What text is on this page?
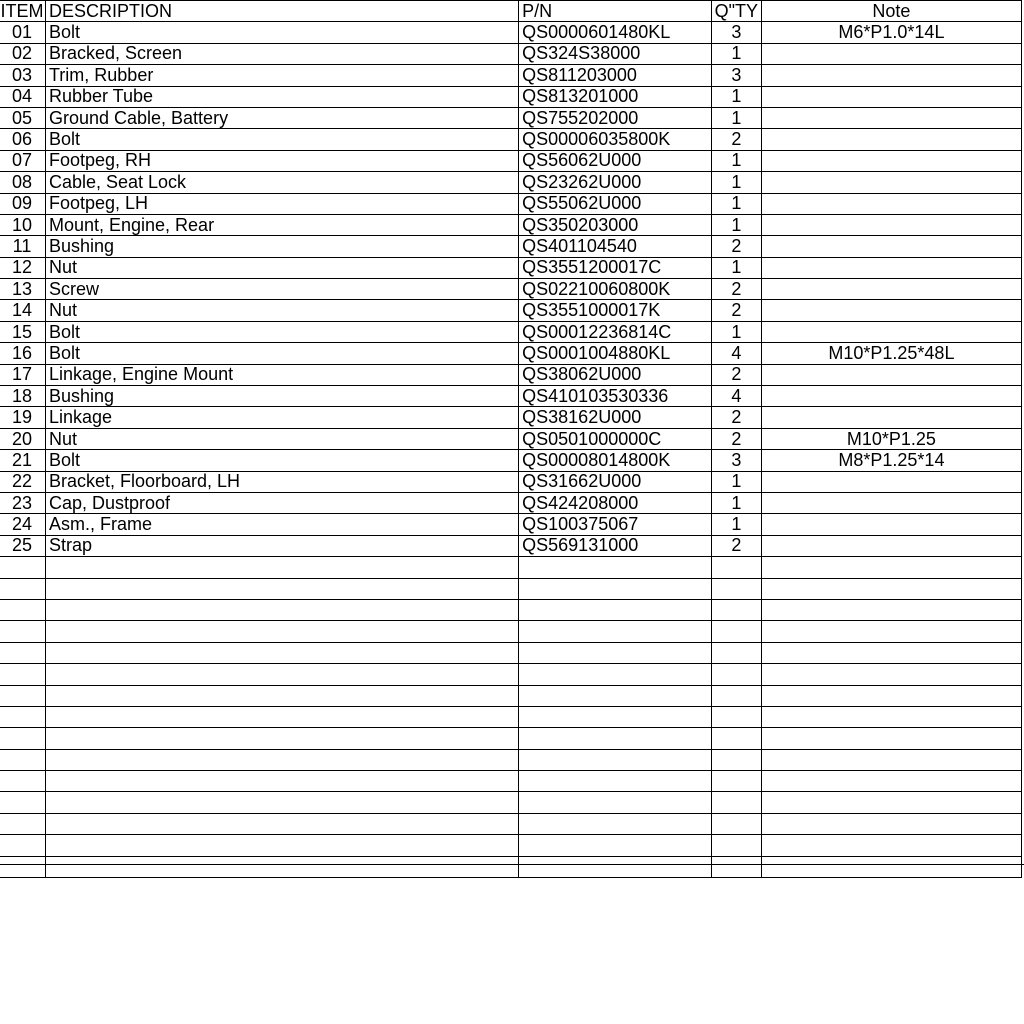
ITEM	DESCRIPTION	P/N	Q"TY	Note
01	Bolt	QS0000601480KL	3	M6*P1.0*14L
02	Bracked, Screen	QS324S38000	1	
03	Trim, Rubber	QS811203000	3	
04	Rubber Tube	QS813201000	1	
05	Ground Cable, Battery	QS755202000	1	
06	Bolt	QS00006035800K	2	
07	Footpeg, RH	QS56062U000	1	
08	Cable, Seat Lock	QS23262U000	1	
09	Footpeg, LH	QS55062U000	1	
10	Mount, Engine, Rear	QS350203000	1	
11	Bushing	QS401104540	2	
12	Nut	QS3551200017C	1	
13	Screw	QS02210060800K	2	
14	Nut	QS3551000017K	2	
15	Bolt	QS00012236814C	1	
16	Bolt	QS0001004880KL	4	M10*P1.25*48L
17	Linkage, Engine Mount	QS38062U000	2	
18	Bushing	QS410103530336	4	
19	Linkage	QS38162U000	2	
20	Nut	QS0501000000C	2	M10*P1.25
21	Bolt	QS00008014800K	3	M8*P1.25*14
22	Bracket, Floorboard, LH	QS31662U000	1	
23	Cap, Dustproof	QS424208000	1	
24	Asm., Frame	QS100375067	1	
25	Strap	QS569131000	2	
